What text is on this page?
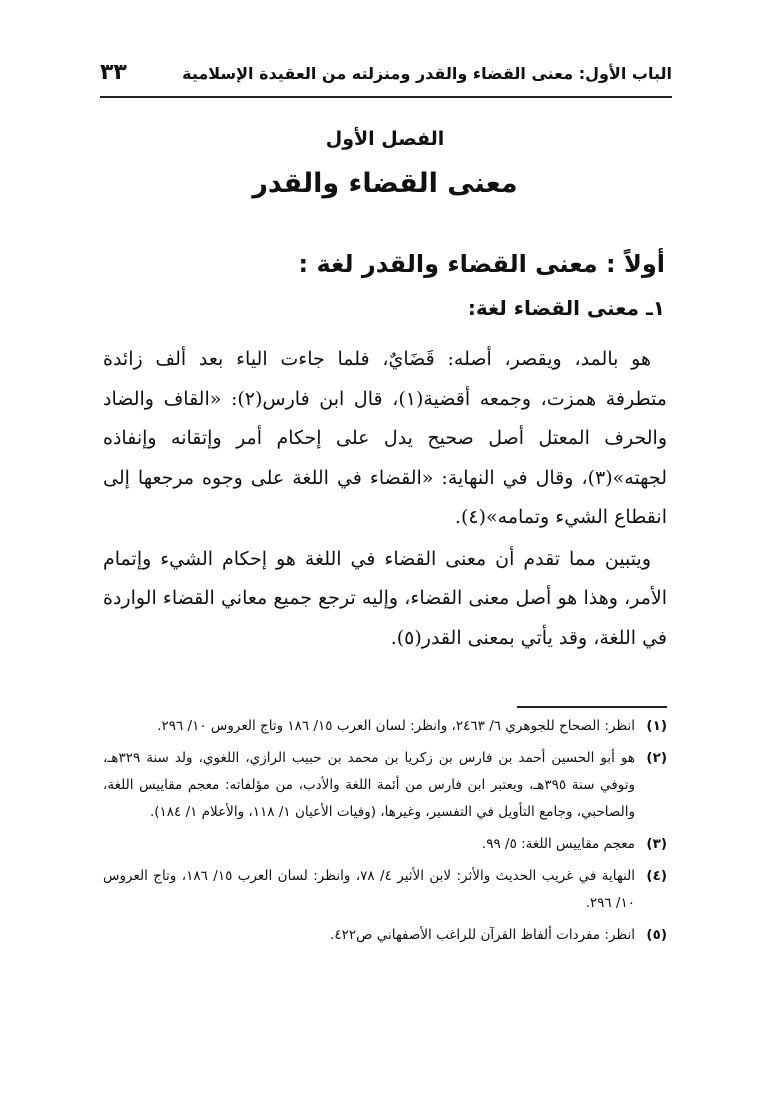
الباب الأول: معنى القضاء والقدر ومنزلته من العقيدة الإسلامية
٣٣
الفصل الأول
معنى القضاء والقدر
أولاً : معنى القضاء والقدر لغة :
١ـ معنى القضاء لغة:

هو بالمد، ويقصر، أصله: قَضَايٌ، فلما جاءت الياء بعد ألف زائدة متطرفة همزت، وجمعه أقضية(١)، قال ابن فارس(٢): «القاف والضاد والحرف المعتل أصل صحيح يدل على إحكام أمر وإتقانه وإنفاذه لجهته»(٣)، وقال في النهاية: «القضاء في اللغة على وجوه مرجعها إلى انقطاع الشيء وتمامه»(٤).

ويتبين مما تقدم أن معنى القضاء في اللغة هو إحكام الشيء وإتمام الأمر، وهذا هو أصل معنى القضاء، وإليه ترجع جميع معاني القضاء الواردة في اللغة، وقد يأتي بمعنى القدر(٥).

(١)
انظر: الصحاح للجوهري ٦/ ٢٤٦٣، وانظر: لسان العرب ١٥/ ١٨٦ وتاج العروس ١٠/ ٢٩٦.
(٢)
هو أبو الحسين أحمد بن فارس بن زكريا بن محمد بن حبيب الرازي، اللغوي، ولد سنة ٣٢٩هـ، وتوفي سنة ٣٩٥هـ، ويعتبر ابن فارس من أئمة اللغة والأدب، من مؤلفاته: معجم مقاييس اللغة، والصاحبي، وجامع التأويل في التفسير، وغيرها، (وفيات الأعيان ١/ ١١٨، والأعلام ١/ ١٨٤).
(٣)
معجم مقاييس اللغة: ٥/ ٩٩.
(٤)
النهاية في غريب الحديث والأثر: لابن الأثير ٤/ ٧٨، وانظر: لسان العرب ١٥/ ١٨٦، وتاج العروس ١٠/ ٢٩٦.
(٥)
انظر: مفردات ألفاظ القرآن للراغب الأصفهاني ص٤٢٢.
